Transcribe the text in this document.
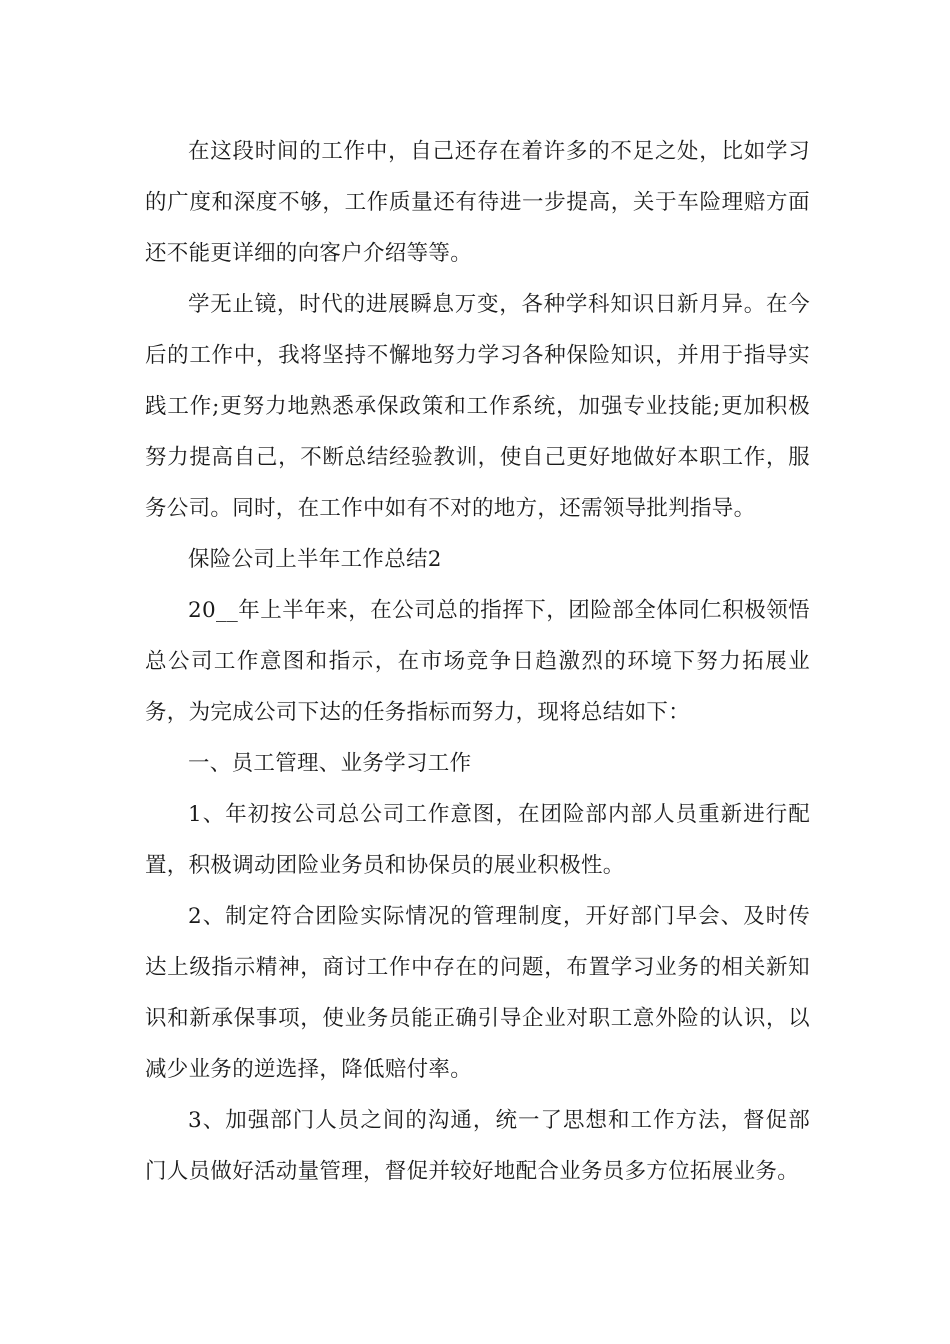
在这段时间的工作中，自己还存在着许多的不足之处，比如学习的广度和深度不够，工作质量还有待进一步提高，关于车险理赔方面还不能更详细的向客户介绍等等。

学无止镜，时代的进展瞬息万变，各种学科知识日新月异。在今后的工作中，我将坚持不懈地努力学习各种保险知识，并用于指导实践工作;更努力地熟悉承保政策和工作系统，加强专业技能;更加积极努力提高自己，不断总结经验教训，使自己更好地做好本职工作，服务公司。同时，在工作中如有不对的地方，还需领导批判指导。

保险公司上半年工作总结2

20__年上半年来，在公司总的指挥下，团险部全体同仁积极领悟总公司工作意图和指示，在市场竞争日趋激烈的环境下努力拓展业务，为完成公司下达的任务指标而努力，现将总结如下：

一、员工管理、业务学习工作

1、年初按公司总公司工作意图，在团险部内部人员重新进行配置，积极调动团险业务员和协保员的展业积极性。

2、制定符合团险实际情况的管理制度，开好部门早会、及时传达上级指示精神，商讨工作中存在的问题，布置学习业务的相关新知识和新承保事项，使业务员能正确引导企业对职工意外险的认识，以减少业务的逆选择，降低赔付率。

3、加强部门人员之间的沟通，统一了思想和工作方法，督促部门人员做好活动量管理，督促并较好地配合业务员多方位拓展业务。
